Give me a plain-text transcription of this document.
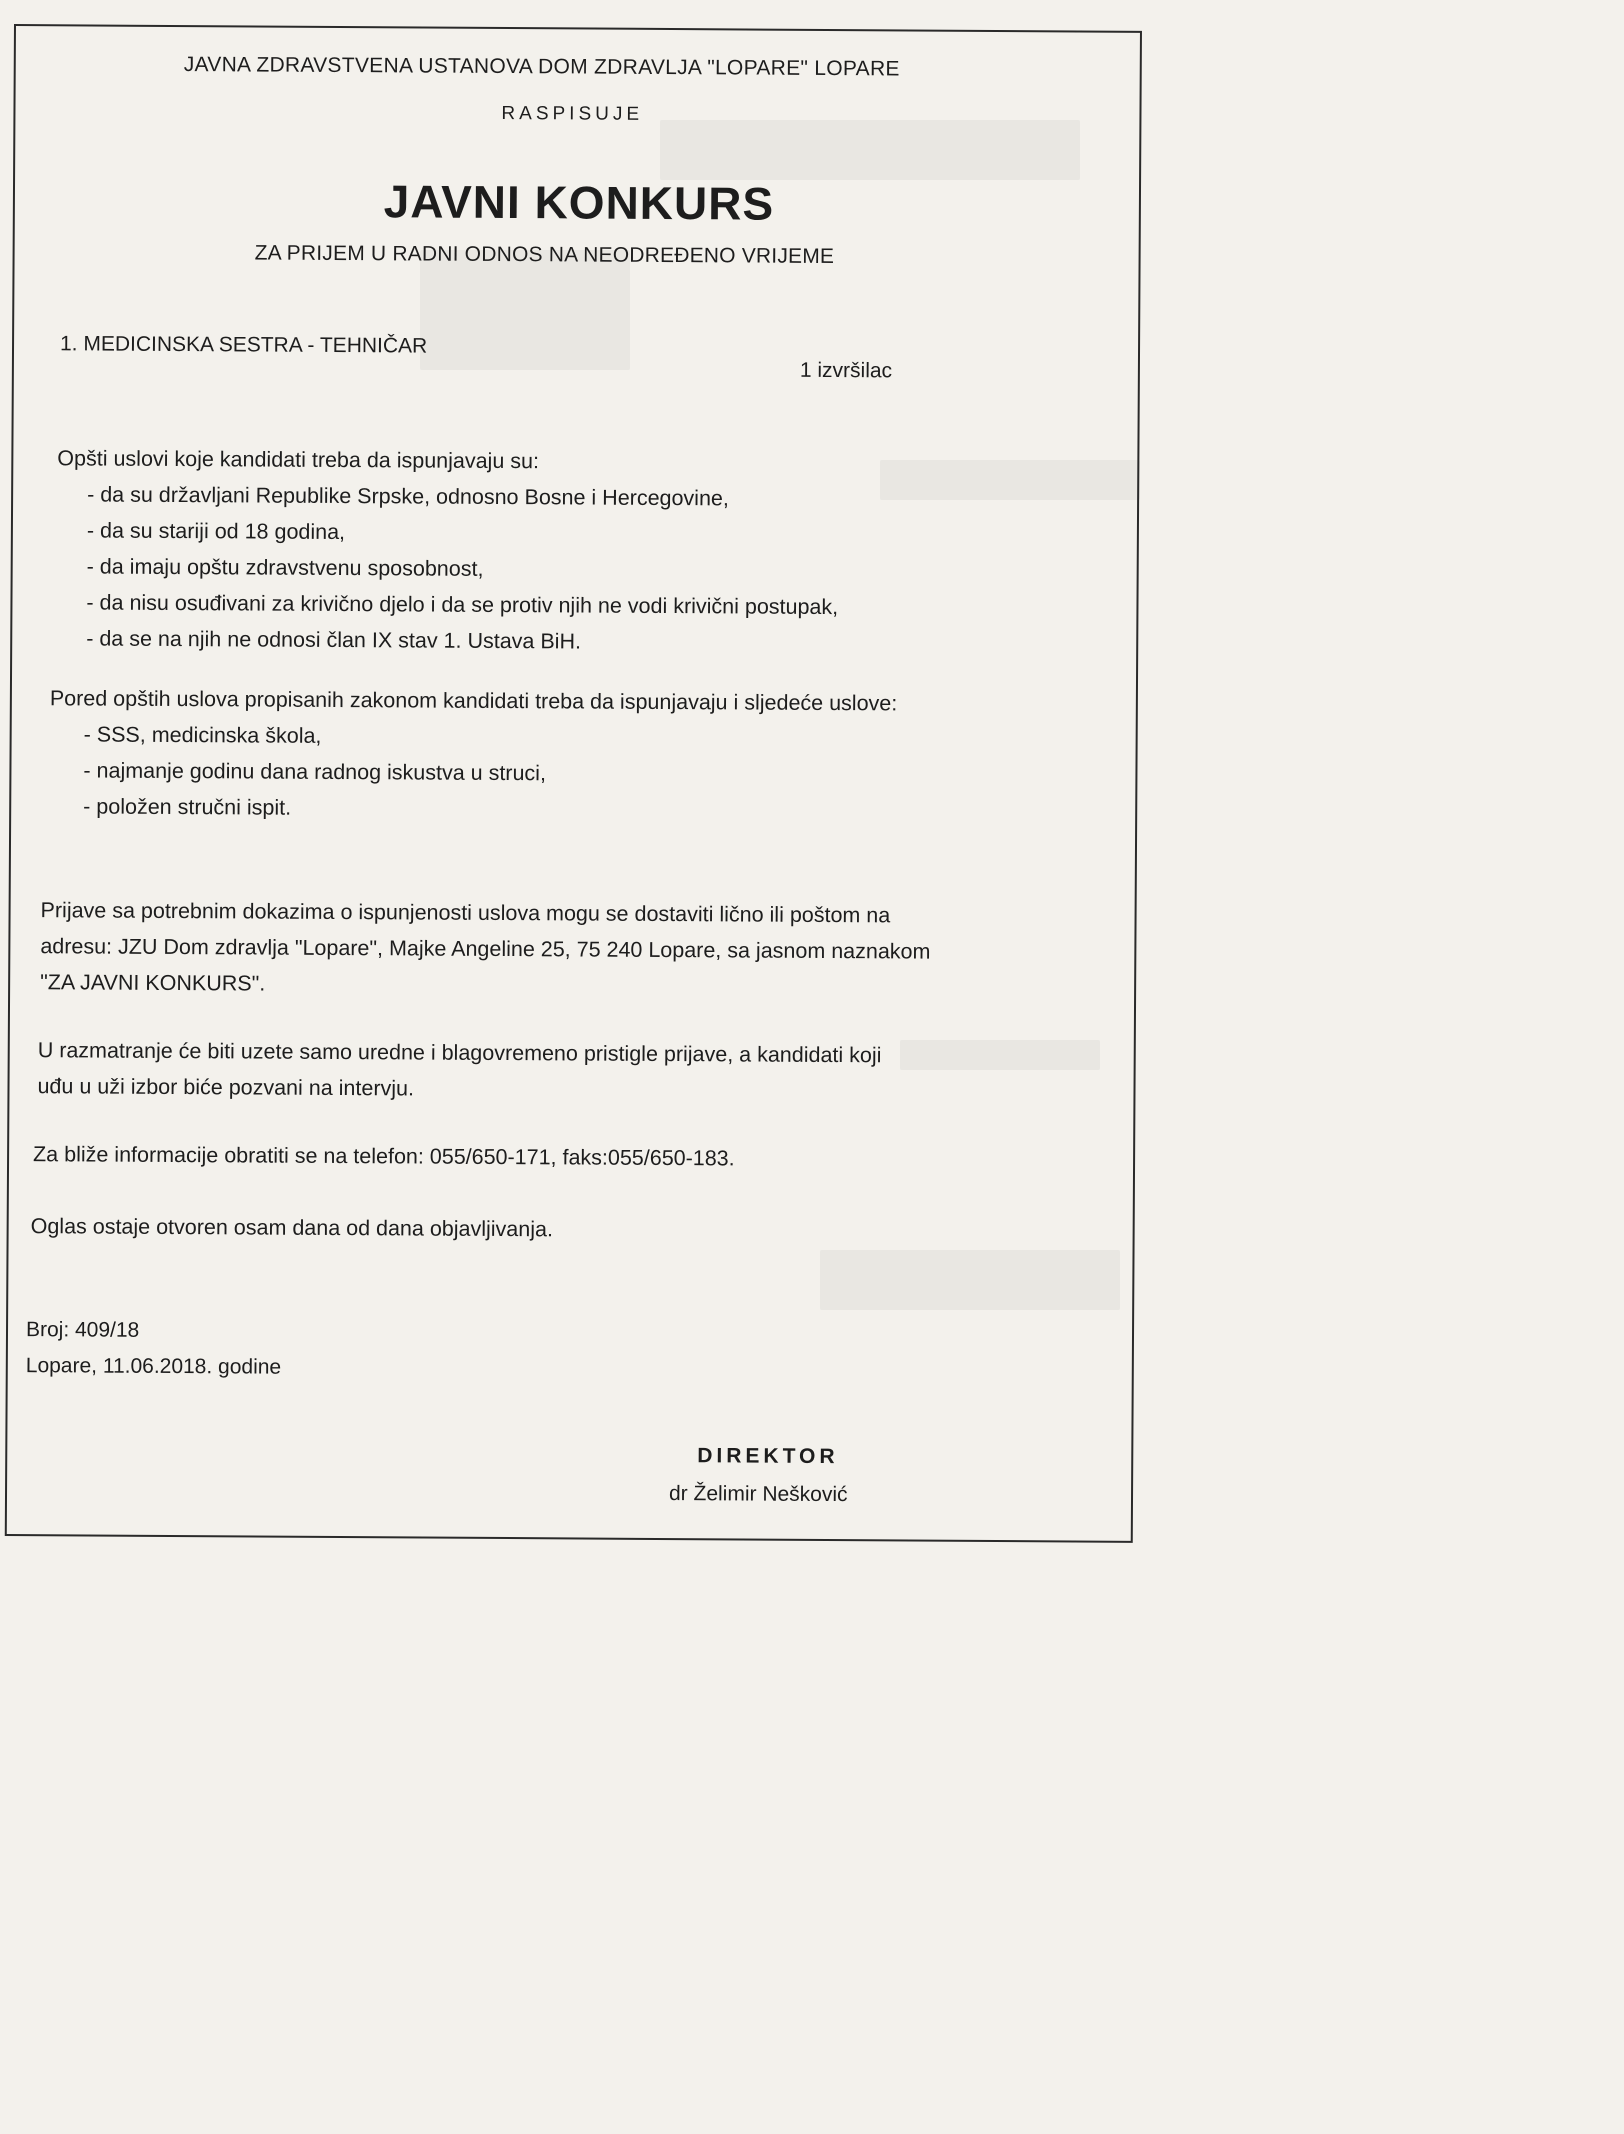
JAVNA ZDRAVSTVENA USTANOVA DOM ZDRAVLJA "LOPARE" LOPARE
RASPISUJE
JAVNI KONKURS
ZA PRIJEM U RADNI ODNOS NA NEODREĐENO VRIJEME
1. MEDICINSKA SESTRA - TEHNIČAR
1 izvršilac
Opšti uslovi koje kandidati treba da ispunjavaju su:
- da su državljani Republike Srpske, odnosno Bosne i Hercegovine,
- da su stariji od 18 godina,
- da imaju opštu zdravstvenu sposobnost,
- da nisu osuđivani za krivično djelo i da se protiv njih ne vodi krivični postupak,
- da se na njih ne odnosi član IX stav 1. Ustava BiH.
Pored opštih uslova propisanih zakonom kandidati treba da ispunjavaju i sljedeće uslove:
- SSS, medicinska škola,
- najmanje godinu dana radnog iskustva u struci,
- položen stručni ispit.
Prijave sa potrebnim dokazima o ispunjenosti uslova mogu se dostaviti lično ili poštom na
adresu: JZU Dom zdravlja "Lopare", Majke Angeline 25, 75 240 Lopare, sa jasnom naznakom
"ZA JAVNI KONKURS".
U razmatranje će biti uzete samo uredne i blagovremeno pristigle prijave, a kandidati koji
uđu u uži izbor biće pozvani na intervju.
Za bliže informacije obratiti se na telefon: 055/650-171, faks:055/650-183.
Oglas ostaje otvoren osam dana od dana objavljivanja.
Broj: 409/18
Lopare, 11.06.2018. godine
DIREKTOR
dr Želimir Nešković
